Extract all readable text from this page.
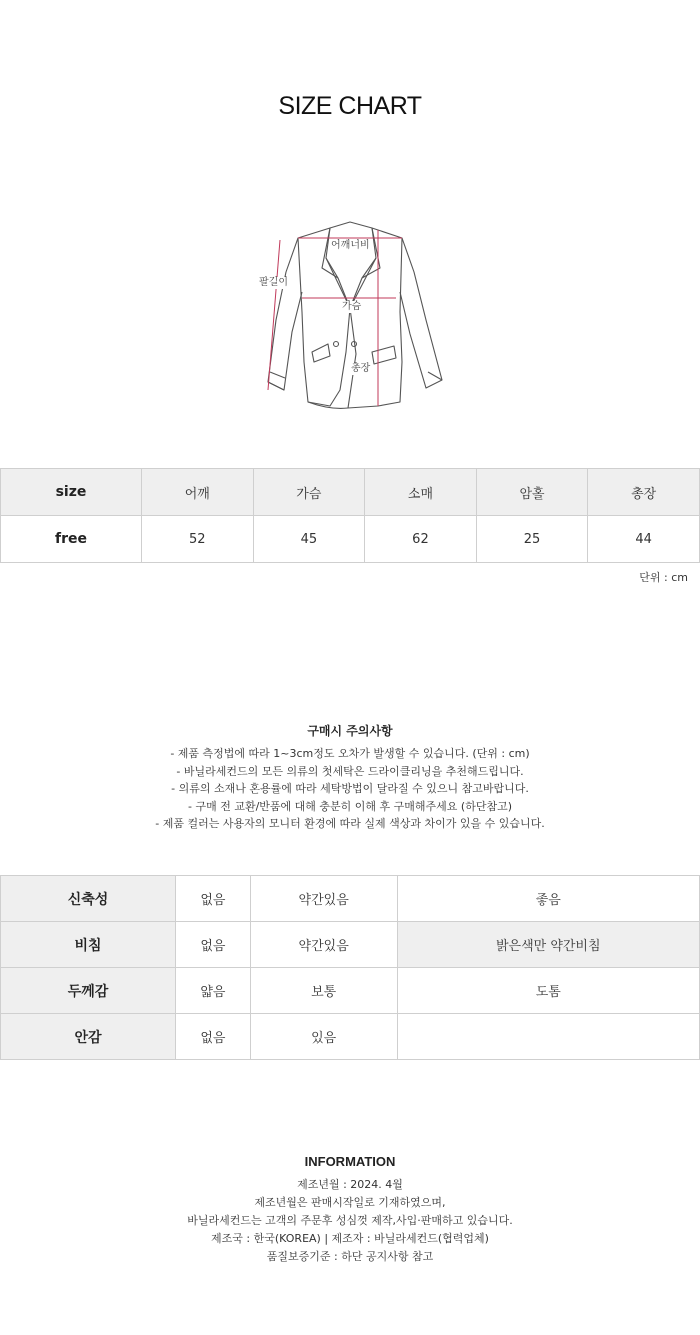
SIZE CHART
어깨너비
팔길이
가슴
총장
size	어깨	가슴	소매	암홀	총장
free	52	45	62	25	44
단위 : cm
구매시 주의사항
- 제품 측정법에 따라 1~3cm정도 오차가 발생할 수 있습니다. (단위 : cm)
- 바닐라세컨드의 모든 의류의 첫세탁은 드라이클리닝을 추천해드립니다.
- 의류의 소재나 혼용률에 따라 세탁방법이 달라질 수 있으니 참고바랍니다.
- 구매 전 교환/반품에 대해 충분히 이해 후 구매해주세요 (하단참고)
- 제품 컬러는 사용자의 모니터 환경에 따라 실제 색상과 차이가 있을 수 있습니다.
신축성	없음	약간있음	좋음
비침	없음	약간있음	밝은색만 약간비침
두께감	얇음	보통	도톰
안감	없음	있음	
INFORMATION
제조년월 : 2024. 4월
제조년월은 판매시작일로 기재하였으며,
바닐라세컨드는 고객의 주문후 성심껏 제작,사입·판매하고 있습니다.
제조국 : 한국(KOREA) | 제조자 : 바닐라세컨드(협력업체)
품질보증기준 : 하단 공지사항 참고
